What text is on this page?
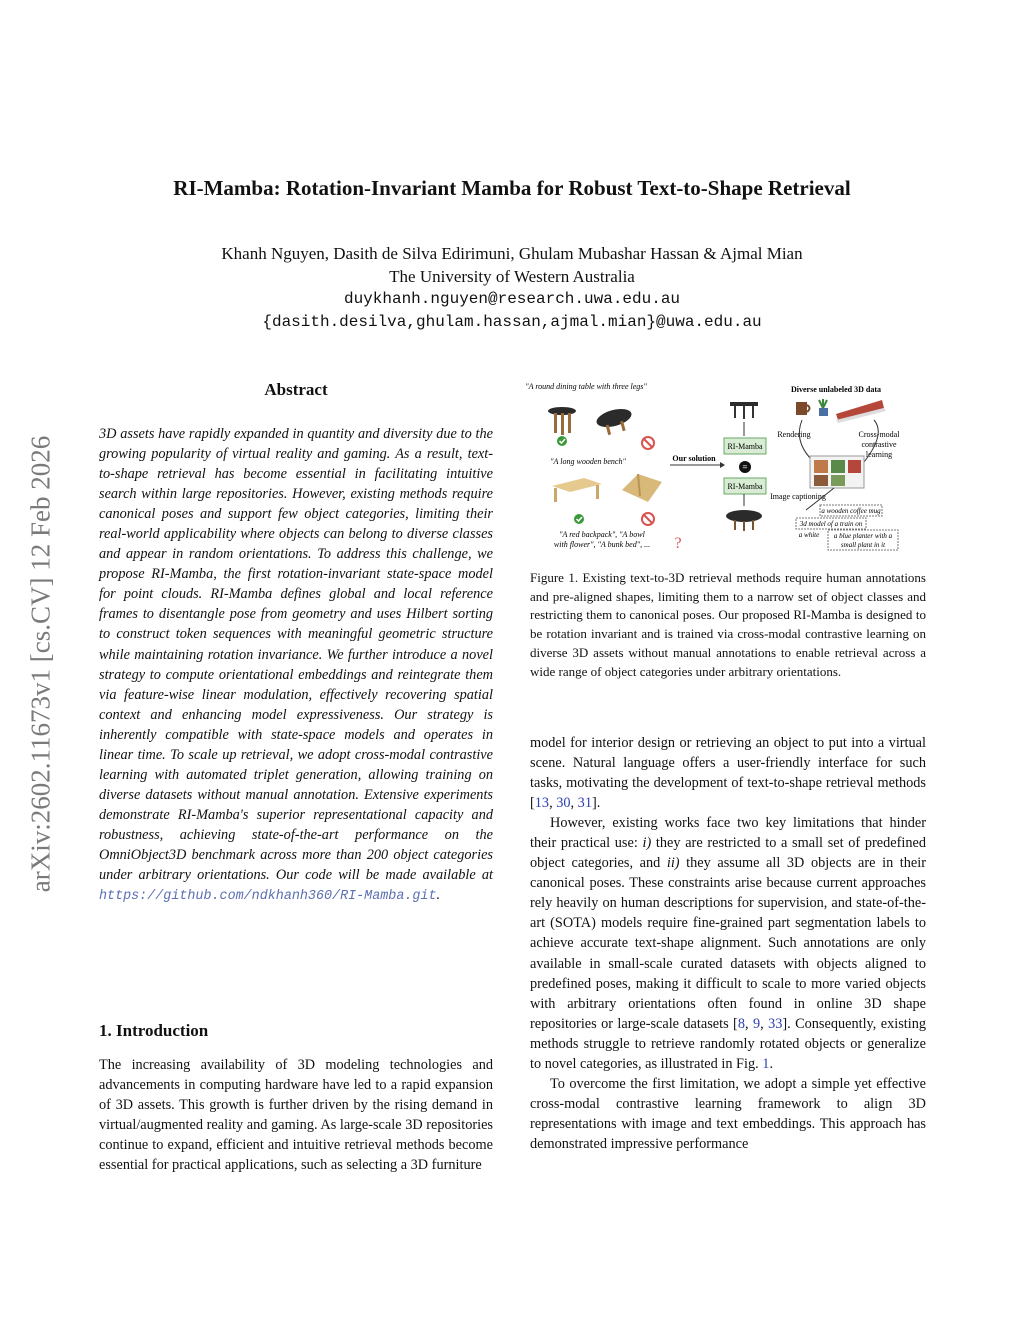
arXiv:2602.11673v1 [cs.CV] 12 Feb 2026
RI-Mamba: Rotation-Invariant Mamba for Robust Text-to-Shape Retrieval
Khanh Nguyen, Dasith de Silva Edirimuni, Ghulam Mubashar Hassan & Ajmal Mian
The University of Western Australia
duykhanh.nguyen@research.uwa.edu.au
{dasith.desilva,ghulam.hassan,ajmal.mian}@uwa.edu.au
Abstract

3D assets have rapidly expanded in quantity and diversity due to the growing popularity of virtual reality and gaming. As a result, text-to-shape retrieval has become essential in facilitating intuitive search within large repositories. However, existing methods require canonical poses and support few object categories, limiting their real-world applicability where objects can belong to diverse classes and appear in random orientations. To address this challenge, we propose RI-Mamba, the first rotation-invariant state-space model for point clouds. RI-Mamba defines global and local reference frames to disentangle pose from geometry and uses Hilbert sorting to construct token sequences with meaningful geometric structure while maintaining rotation invariance. We further introduce a novel strategy to compute orientational embeddings and reintegrate them via feature-wise linear modulation, effectively recovering spatial context and enhancing model expressiveness. Our strategy is inherently compatible with state-space models and operates in linear time. To scale up retrieval, we adopt cross-modal contrastive learning with automated triplet generation, allowing training on diverse datasets without manual annotation. Extensive experiments demonstrate RI-Mamba's superior representational capacity and robustness, achieving state-of-the-art performance on the OmniObject3D benchmark across more than 200 object categories under arbitrary orientations. Our code will be made available at https://github.com/ndkhanh360/RI-Mamba.git.

1. Introduction

The increasing availability of 3D modeling technologies and advancements in computing hardware have led to a rapid expansion of 3D assets. This growth is further driven by the rising demand in virtual/augmented reality and gaming. As large-scale 3D repositories continue to expand, efficient and intuitive retrieval methods become essential for practical applications, such as selecting a 3D furniture

"A round dining table with three legs"
"A long wooden bench"
"A red backpack", "A bowl
with flower", "A bunk bed", ... ?
Our solution
RI-Mamba
=
RI-Mamba
Diverse unlabeled 3D data
Rendering	Cross-modal
contrastive
learning
Image captioning
a wooden coffee mug
3d model of a train on
a white a blue planter with a
small plant in it

Figure 1. Existing text-to-3D retrieval methods require human annotations and pre-aligned shapes, limiting them to a narrow set of object classes and restricting them to canonical poses. Our proposed RI-Mamba is designed to be rotation invariant and is trained via cross-modal contrastive learning on diverse 3D assets without manual annotations to enable retrieval across a wide range of object categories under arbitrary orientations.

model for interior design or retrieving an object to put into a virtual scene. Natural language offers a user-friendly interface for such tasks, motivating the development of text-to-shape retrieval methods [13, 30, 31].

However, existing works face two key limitations that hinder their practical use: i) they are restricted to a small set of predefined object categories, and ii) they assume all 3D objects are in their canonical poses. These constraints arise because current approaches rely heavily on human descriptions for supervision, and state-of-the-art (SOTA) models require fine-grained part segmentation labels to achieve accurate text-shape alignment. Such annotations are only available in small-scale curated datasets with objects aligned to predefined poses, making it difficult to scale to more varied objects with arbitrary orientations often found in online 3D shape repositories or large-scale datasets [8, 9, 33]. Consequently, existing methods struggle to retrieve randomly rotated objects or generalize to novel categories, as illustrated in Fig. 1.

To overcome the first limitation, we adopt a simple yet effective cross-modal contrastive learning framework to align 3D representations with image and text embeddings. This approach has demonstrated impressive performance
